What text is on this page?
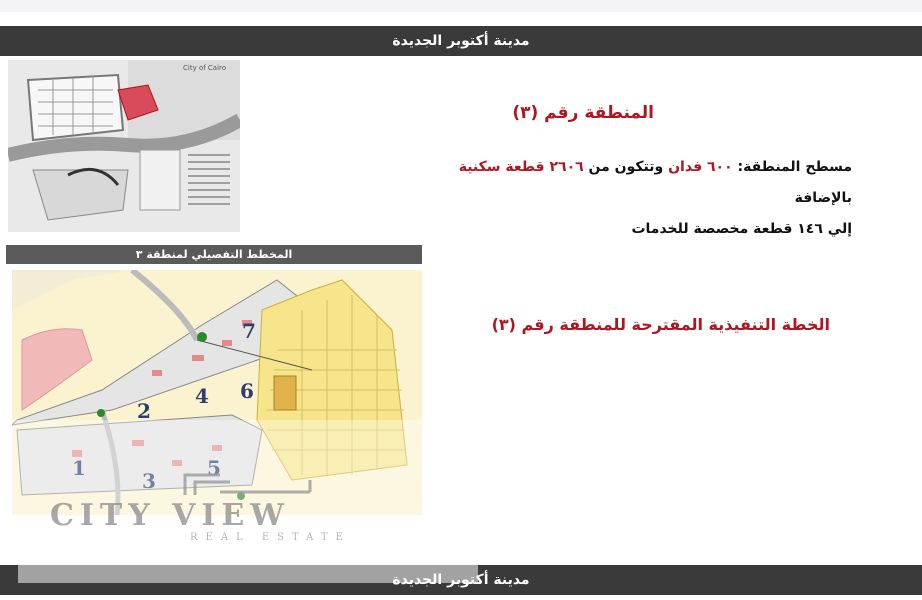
مدينة أكتوبر الجديدة
City of Cairo
المنطقة رقم (٣)
مسطح المنطقة: ٦٠٠ فدان وتتكون من ٢٦٠٦ قطعة سكنية بالإضافة
إلي ١٤٦ قطعة مخصصة للخدمات
المخطط التفصيلي لمنطقة ٣
1
2
3
4
5
6
7
CITY VIEW
REAL ESTATE
الخطة التنفيذية المقترحة للمنطقة رقم (٣)
مدينة أكتوبر الجديدة
